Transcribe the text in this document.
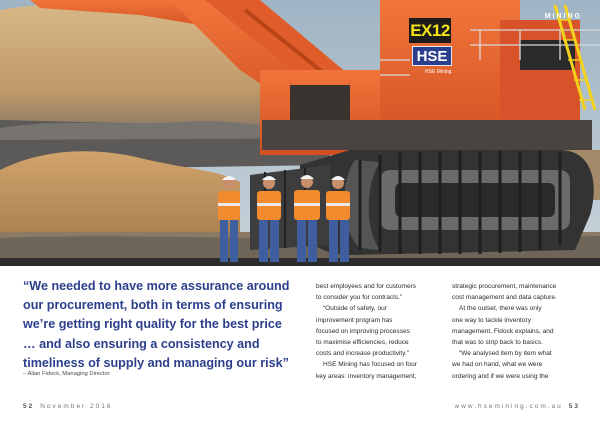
EX12
HSE
HSE Mining
MINING
“We needed to have more assurance around
our procurement, both in terms of ensuring
we’re getting right quality for the best price
… and also ensuring a consistency and
timeliness of supply and managing our risk”
– Allan Fidock, Managing Director
best employees and for customers
to consider you for contracts.”
“Outside of safety, our
improvement program has
focused on improving processes
to maximise efficiencies, reduce
costs and increase productivity.”
HSE Mining has focused on four
key areas: inventory management,
strategic procurement, maintenance
cost management and data capture.
At the outset, there was only
one way to tackle inventory
management, Fidock explains, and
that was to strip back to basics.
“We analysed item by item what
we had on hand, what we were
ordering and if we were using the
52 November 2016	www.hsemining.com.au 53
